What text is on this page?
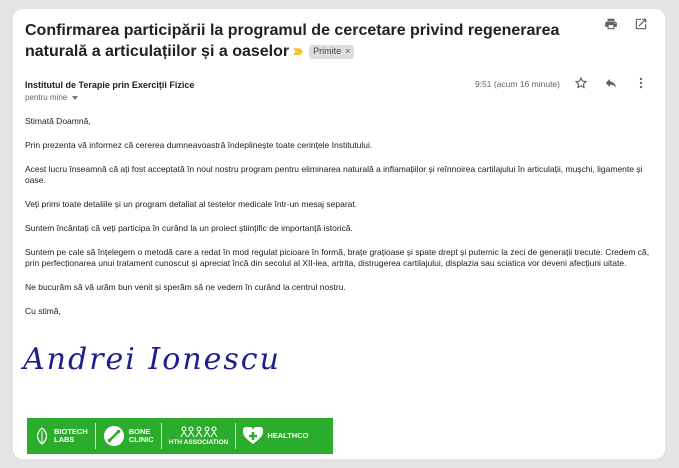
Confirmarea participării la programul de cercetare privind regenerarea naturală a articulațiilor și a oaselor	Primite ×
Institutul de Terapie prin Exerciții Fizice
pentru mine
9:51 (acum 16 minute)

Stimată Doamnă,

Prin prezenta vă informez că cererea dumneavoastră îndeplinește toate cerințele Institutului.

Acest lucru înseamnă că ați fost acceptată în noul nostru program pentru eliminarea naturală a inflamațiilor și reînnoirea cartilajului în articulații, mușchi, ligamente și oase.

Veți primi toate detaliile și un program detaliat al testelor medicale într-un mesaj separat.

Suntem încântați că veți participa în curând la un proiect științific de importanță istorică.

Suntem pe cale să înțelegem o metodă care a redat în mod regulat picioare în formă, brațe grațioase și spate drept și puternic la zeci de generații trecute. Credem că, prin perfecționarea unui tratament cunoscut și apreciat încă din secolul al XII-lea, artrita, distrugerea cartilajului, displazia sau sciatica vor deveni afecțiuni uitate.

Ne bucurăm să vă urăm bun venit și sperăm să ne vedem în curând la centrul nostru.

Cu stimă,

Andrei Ionescu
BIOTECH
LABS
BONE
CLINIC HTH ASSOCIATION
HEALTHCO
